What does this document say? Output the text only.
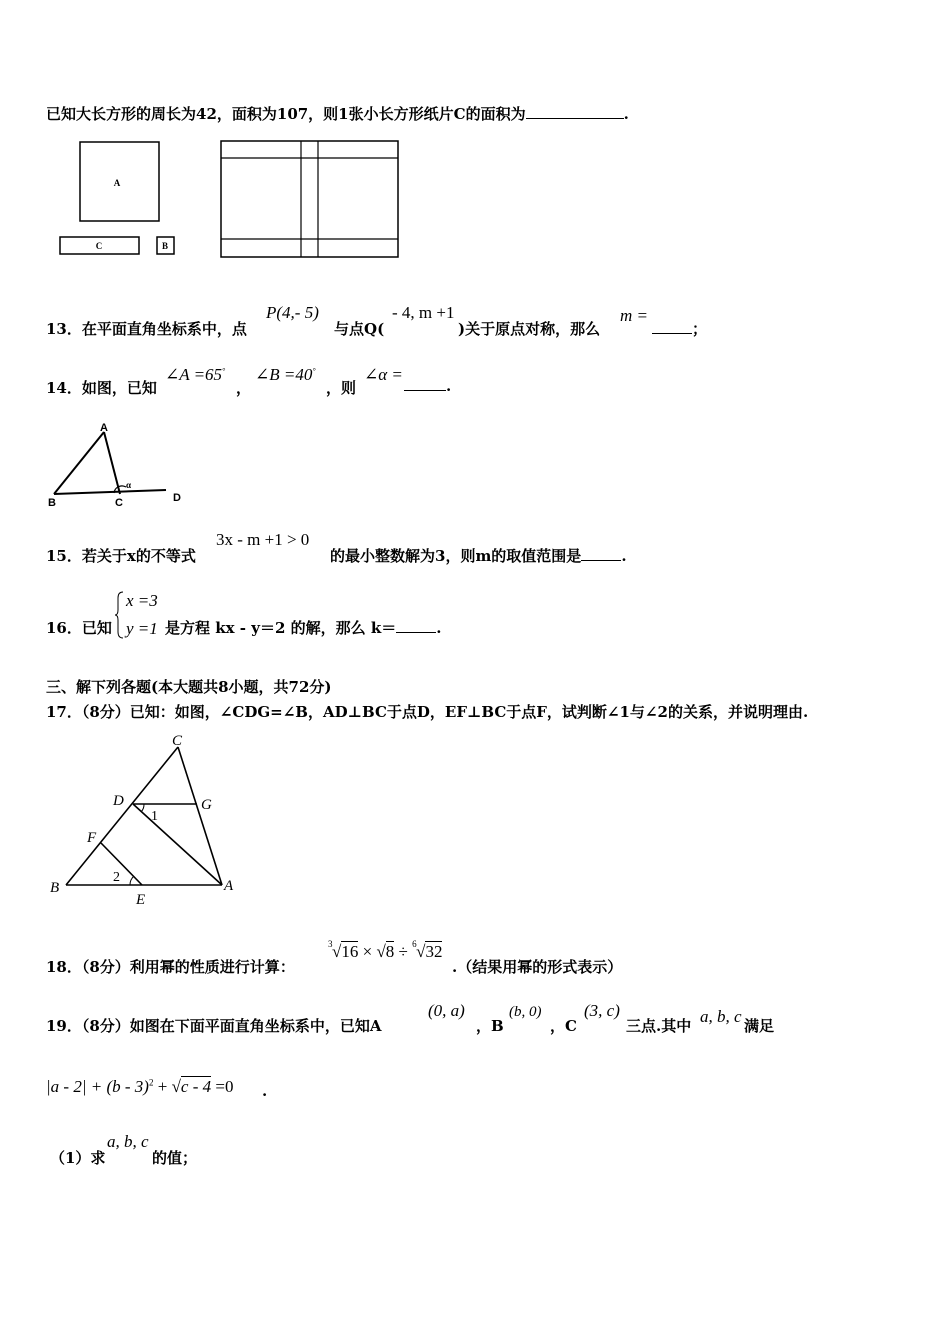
已知大长方形的周长为42，面积为107，则1张小长方形纸片C的面积为	.
A
C	B
13．在平面直角坐标系中，点
P(4,- 5)
与点Q(
- 4, m +1
)关于原点对称，那么
m =
；
14．如图，已知
∠A =65°
，
∠B =40°
，则
∠α =
.
A
B	C	D
α
15．若关于x的不等式
3x - m +1 > 0
的最小整数解为3，则m的取值范围是	.
16．已知
x =3
y =1 是方程 kx - y＝2 的解，那么 k＝	.
三、解下列各题(本大题共8小题，共72分)
17．（8分）已知：如图，∠CDG=∠B，AD⊥BC于点D，EF⊥BC于点F，试判断∠1与∠2的关系，并说明理由.
C
D	G
F
B
E
A
1
2
18．（8分）利用幂的性质进行计算：
3 √16 × √8 ÷ 6 √32
.（结果用幂的形式表示）
19．（8分）如图在下面平面直角坐标系中，已知A
(0, a)
，B
(b, 0)
，C
(3, c)
三点.其中 a, b, c 满足
|a - 2| + (b - 3)$^2$ + √c - 4 =0 .
（1）求
a, b, c
的值；
